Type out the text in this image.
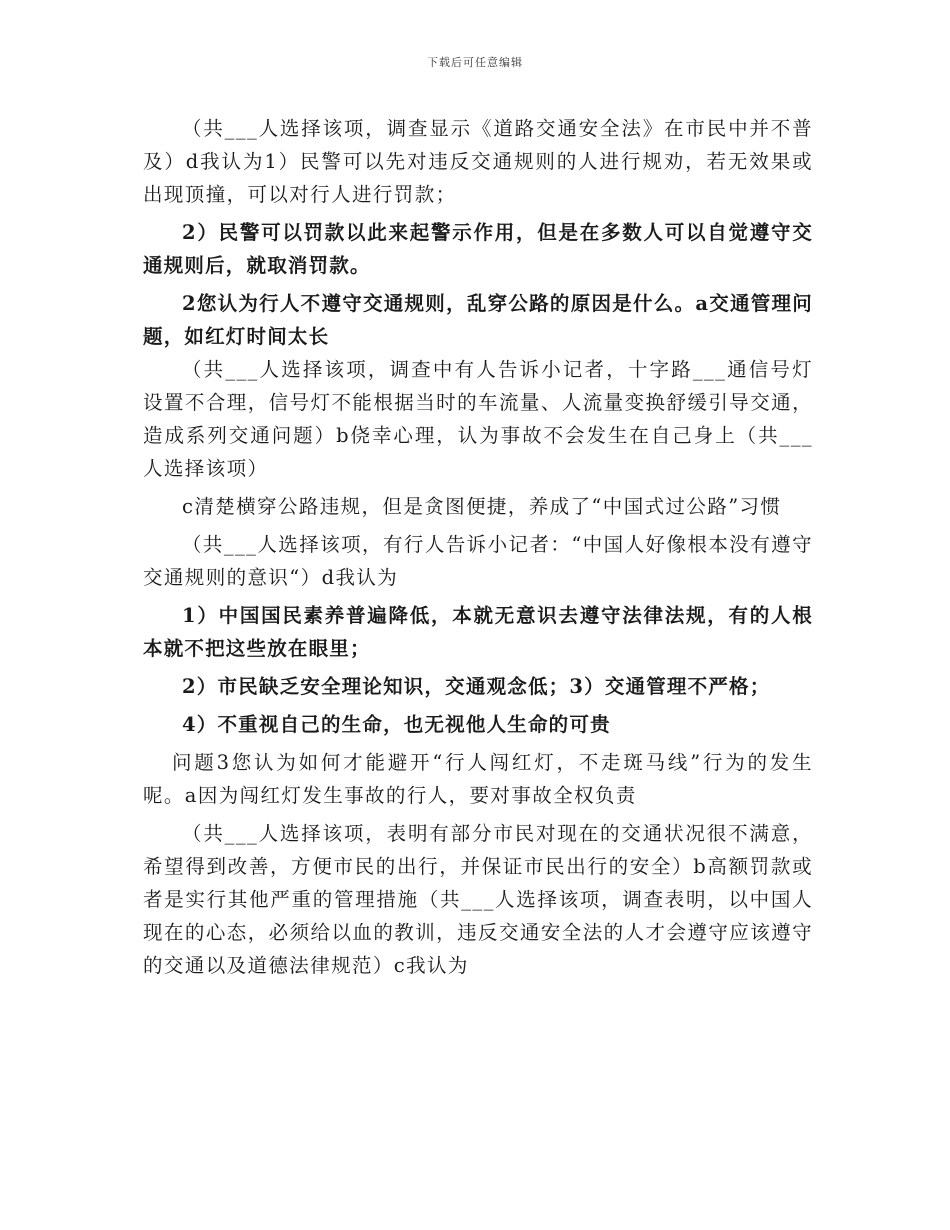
下载后可任意编辑

（共___人选择该项，调查显示《道路交通安全法》在市民中并不普及）d我认为1）民警可以先对违反交通规则的人进行规劝，若无效果或出现顶撞，可以对行人进行罚款；

2）民警可以罚款以此来起警示作用，但是在多数人可以自觉遵守交通规则后，就取消罚款。

2您认为行人不遵守交通规则，乱穿公路的原因是什么。a交通管理问题，如红灯时间太长

（共___人选择该项，调查中有人告诉小记者，十字路___通信号灯设置不合理，信号灯不能根据当时的车流量、人流量变换舒缓引导交通，造成系列交通问题）b侥幸心理，认为事故不会发生在自己身上（共___人选择该项）

c清楚横穿公路违规，但是贪图便捷，养成了“中国式过公路”习惯

（共___人选择该项，有行人告诉小记者：“中国人好像根本没有遵守交通规则的意识“）d我认为

1）中国国民素养普遍降低，本就无意识去遵守法律法规，有的人根本就不把这些放在眼里；

2）市民缺乏安全理论知识，交通观念低；3）交通管理不严格；

4）不重视自己的生命，也无视他人生命的可贵

问题3您认为如何才能避开“行人闯红灯，不走斑马线”行为的发生呢。a因为闯红灯发生事故的行人，要对事故全权负责

（共___人选择该项，表明有部分市民对现在的交通状况很不满意，希望得到改善，方便市民的出行，并保证市民出行的安全）b高额罚款或者是实行其他严重的管理措施（共___人选择该项，调查表明，以中国人现在的心态，必须给以血的教训，违反交通安全法的人才会遵守应该遵守的交通以及道德法律规范）c我认为
